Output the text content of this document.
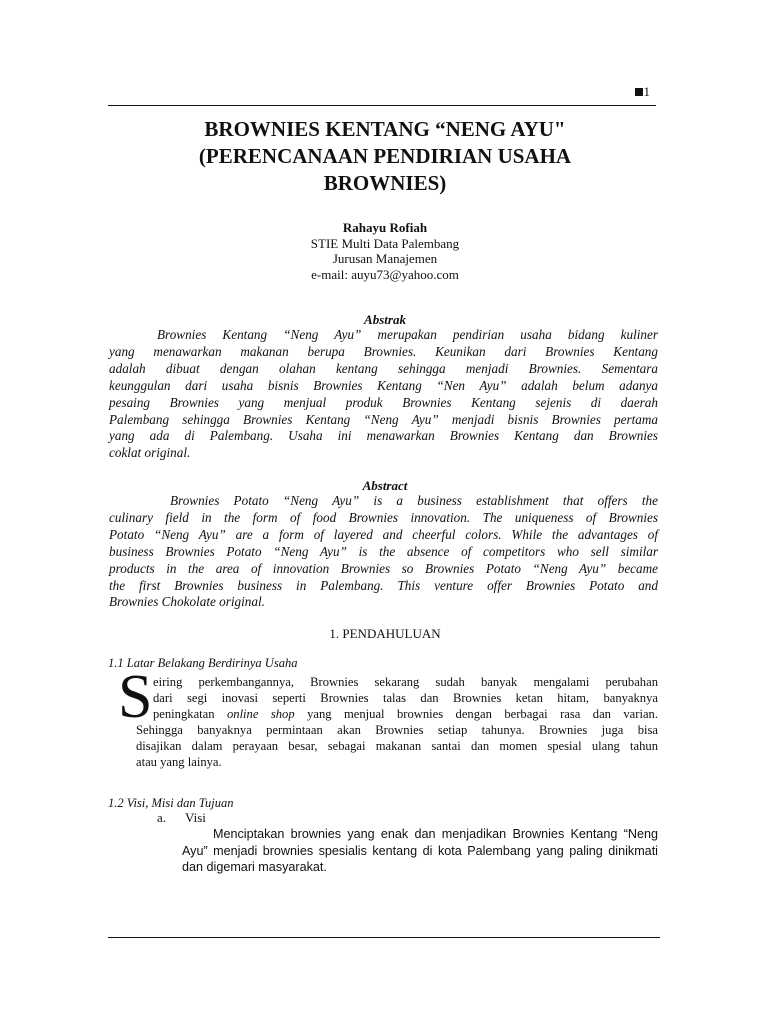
1
BROWNIES KENTANG “NENG AYU"
(PERENCANAAN PENDIRIAN USAHA
BROWNIES)
Rahayu Rofiah
STIE Multi Data Palembang
Jurusan Manajemen
e-mail: auyu73@yahoo.com
Abstrak
Brownies Kentang “Neng Ayu” merupakan pendirian usaha bidang kuliner
yang menawarkan makanan berupa Brownies. Keunikan dari Brownies Kentang
adalah dibuat dengan olahan kentang sehingga menjadi Brownies. Sementara
keunggulan dari usaha bisnis Brownies Kentang “Nen Ayu” adalah belum adanya
pesaing Brownies yang menjual produk Brownies Kentang sejenis di daerah
Palembang sehingga Brownies Kentang “Neng Ayu” menjadi bisnis Brownies pertama
yang ada di Palembang. Usaha ini menawarkan Brownies Kentang dan Brownies
coklat original.
Abstract
Brownies Potato “Neng Ayu” is a business establishment that offers the
culinary field in the form of food Brownies innovation. The uniqueness of Brownies
Potato “Neng Ayu” are a form of layered and cheerful colors. While the advantages of
business Brownies Potato “Neng Ayu” is the absence of competitors who sell similar
products in the area of innovation Brownies so Brownies Potato “Neng Ayu” became
the first Brownies business in Palembang. This venture offer Brownies Potato and
Brownies Chokolate original.
1. PENDAHULUAN
1.1 Latar Belakang Berdirinya Usaha
S eiring perkembangannya, Brownies sekarang sudah banyak mengalami perubahan
dari segi inovasi seperti Brownies talas dan Brownies ketan hitam, banyaknya
peningkatan online shop yang menjual brownies dengan berbagai rasa dan varian.
Sehingga banyaknya permintaan akan Brownies setiap tahunya. Brownies juga bisa
disajikan dalam perayaan besar, sebagai makanan santai dan momen spesial ulang tahun
atau yang lainya.
1.2 Visi, Misi dan Tujuan
a. Visi
Menciptakan brownies yang enak dan menjadikan Brownies Kentang “Neng
Ayu” menjadi brownies spesialis kentang di kota Palembang yang paling dinikmati
dan digemari masyarakat.
